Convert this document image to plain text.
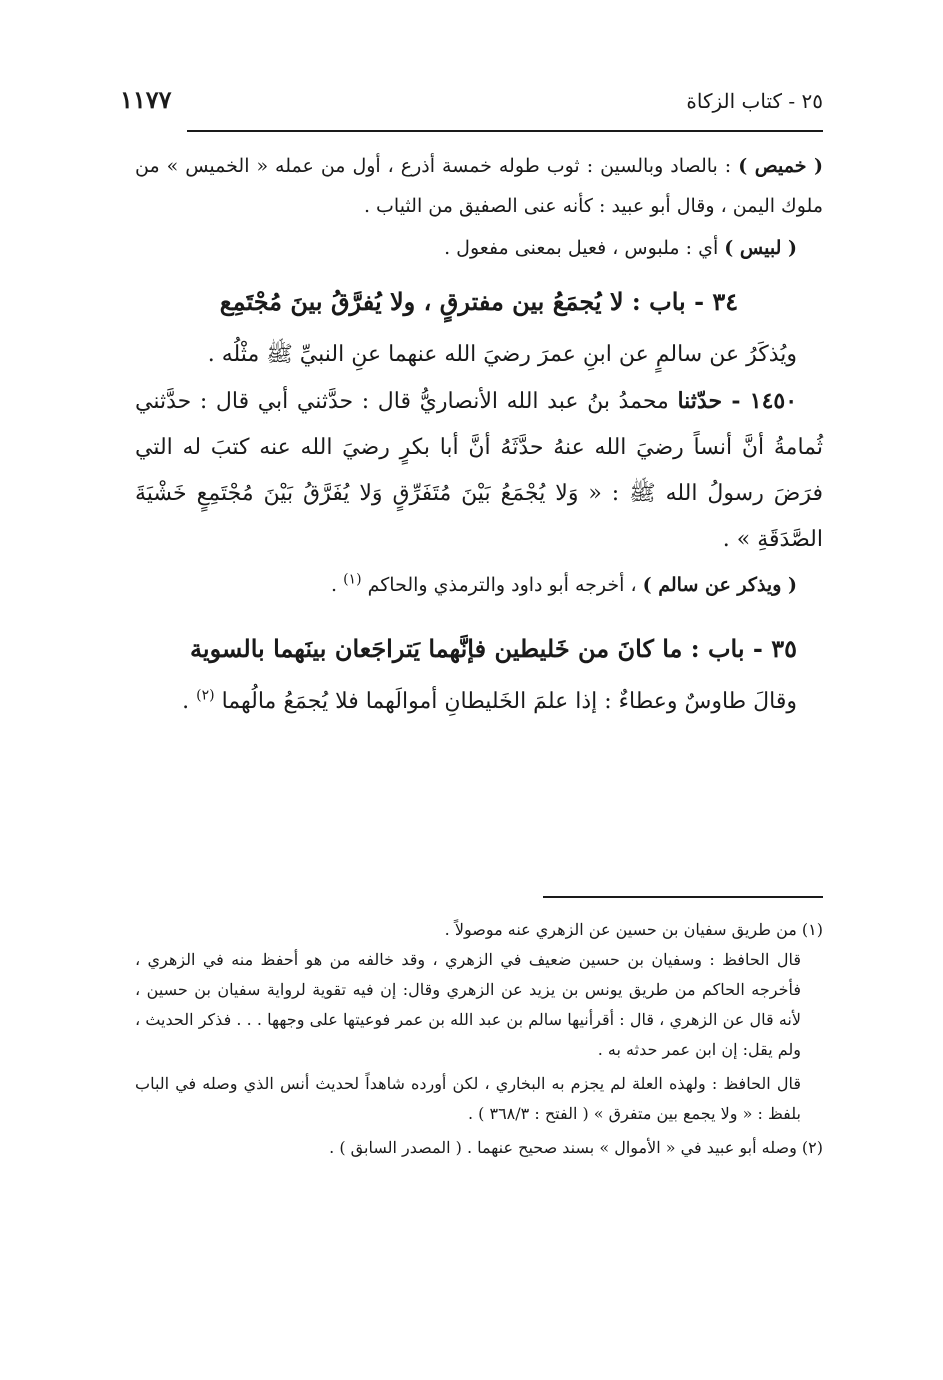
٢٥ - كتاب الزكاة
١١٧٧

( خميص ) : بالصاد وبالسين : ثوب طوله خمسة أذرع ، أول من عمله « الخميس » من ملوك اليمن ، وقال أبو عبيد : كأنه عنى الصفيق من الثياب .

( لبيس ) أي : ملبوس ، فعيل بمعنى مفعول .

٣٤ - باب : لا يُجمَعُ بين مفترقٍ ، ولا يُفرَّقُ بينَ مُجْتَمِع

ويُذكَرُ عن سالمٍ عن ابنِ عمرَ رضيَ الله عنهما عنِ النبيِّ ﷺ مثْلُه .

١٤٥٠ - حدّثنا محمدُ بنُ عبد الله الأنصاريُّ قال : حدَّثني أبي قال : حدَّثني ثُمامةُ أنَّ أنساً رضيَ الله عنهُ حدَّثَهُ أنَّ أبا بكرٍ رضيَ الله عنه كتبَ له التي فرَضَ رسولُ الله ﷺ : « وَلا يُجْمَعُ بَيْنَ مُتَفَرِّقٍ وَلا يُفَرَّقُ بَيْنَ مُجْتَمِعٍ خَشْيَةَ الصَّدَقَةِ » .

( ويذكر عن سالم ) ، أخرجه أبو داود والترمذي والحاكم $^{(١)}$ .

٣٥ - باب : ما كانَ من خَليطين فإنَّهما يَتراجَعان بينَهما بالسوية

وقالَ طاوسٌ وعطاءٌ : إذا علمَ الخَليطانِ أموالَهما فلا يُجمَعُ مالُهما $^{(٢)}$ .

(١) من طريق سفيان بن حسين عن الزهري عنه موصولاً .

قال الحافظ : وسفيان بن حسين ضعيف في الزهري ، وقد خالفه من هو أحفظ منه في الزهري ، فأخرجه الحاكم من طريق يونس بن يزيد عن الزهري وقال: إن فيه تقوية لرواية سفيان بن حسين ، لأنه قال عن الزهري ، قال : أقرأنيها سالم بن عبد الله بن عمر فوعيتها على وجهها . . . فذكر الحديث ، ولم يقل: إن ابن عمر حدثه به .

قال الحافظ : ولهذه العلة لم يجزم به البخاري ، لكن أورده شاهداً لحديث أنس الذي وصله في الباب بلفظ : « ولا يجمع بين متفرق » ( الفتح : ٣٦٨/٣ ) .

(٢) وصله أبو عبيد في « الأموال » بسند صحيح عنهما . ( المصدر السابق ) .
